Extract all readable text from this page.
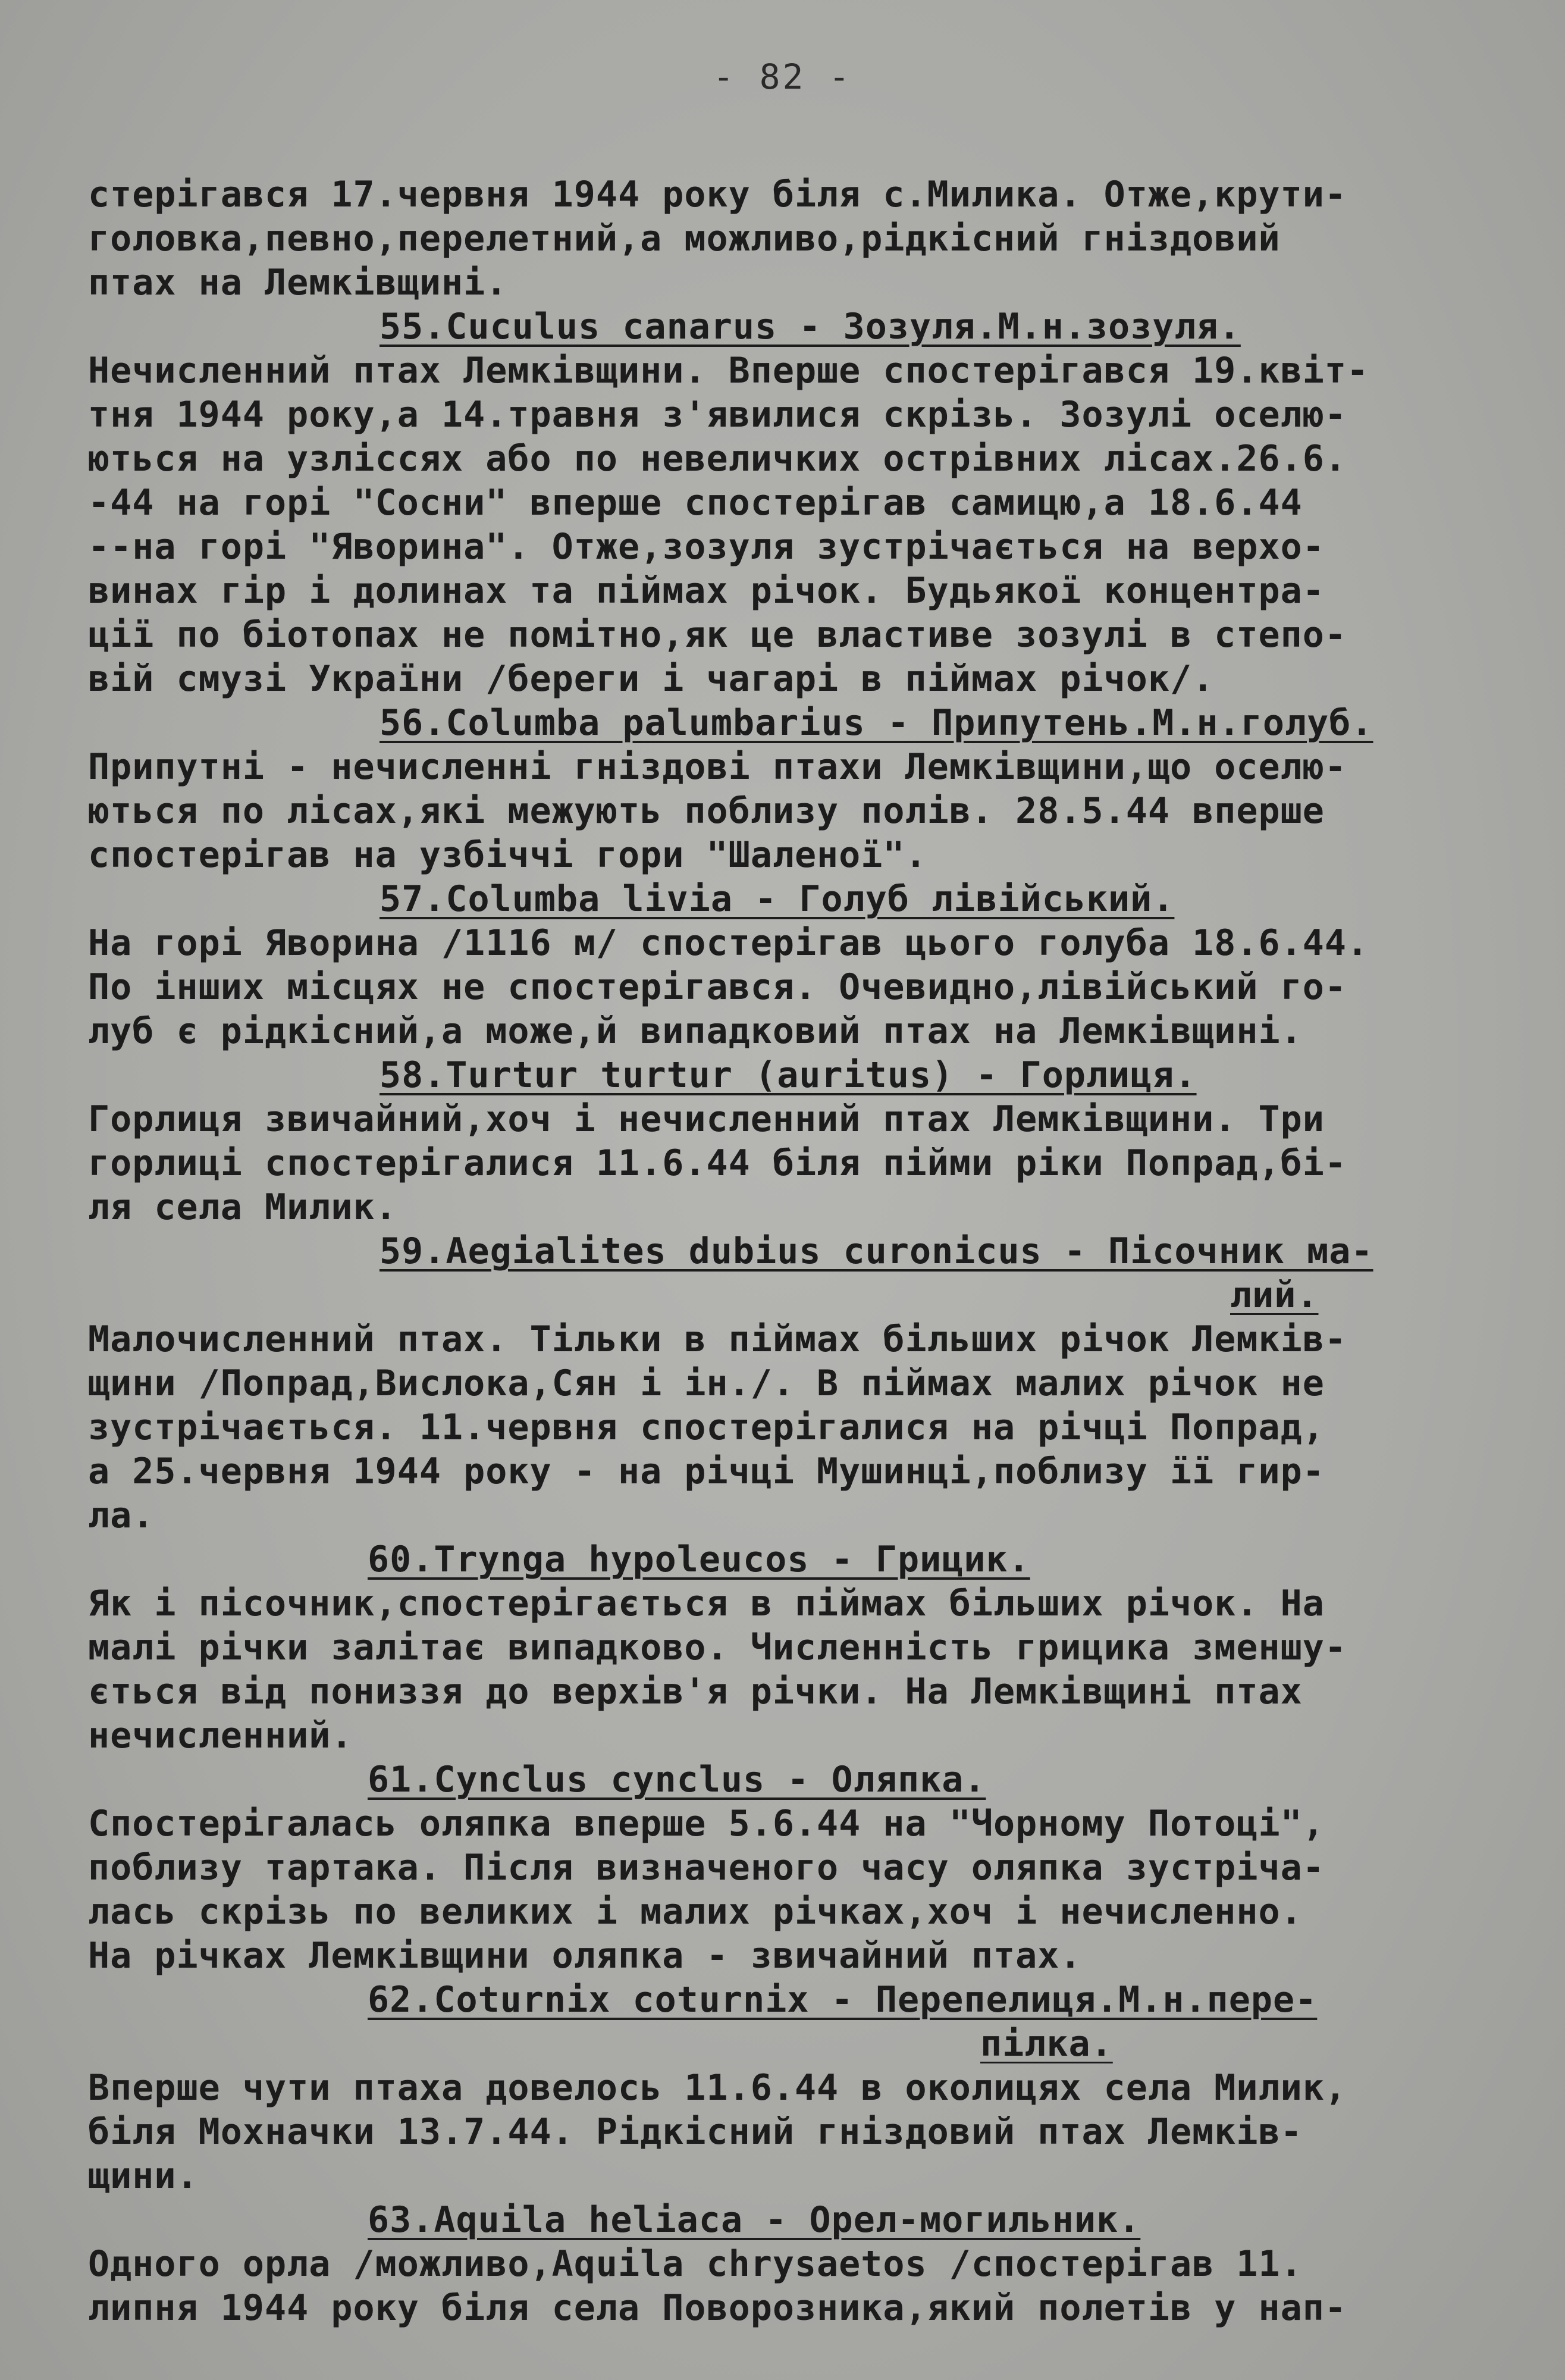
- 82 -
стерігався 17.червня 1944 року біля с.Милика. Отже,крути-
головка,певно,перелетний,а можливо,рідкісний гніздовий
птах на Лемківщині.
55.Cuculus canarus - Зозуля.М.н.зозуля.
Нечисленний птах Лемківщини. Вперше спостерігався 19.квіт-
тня 1944 року,а 14.травня з'явилися скрізь. Зозулі оселю-
ються на узліссях або по невеличких острівних лісах.26.6.
-44 на горі "Сосни" вперше спостерігав самицю,а 18.6.44
--на горі "Яворина". Отже,зозуля зустрічається на верхо-
винах гір і долинах та піймах річок. Будьякої концентра-
ції по біотопах не помітно,як це властиве зозулі в степо-
вій смузі України /береги і чагарі в піймах річок/.
56.Columba palumbarius - Припутень.М.н.голуб.
Припутні - нечисленні гніздові птахи Лемківщини,що оселю-
ються по лісах,які межують поблизу полів. 28.5.44 вперше
спостерігав на узбіччі гори "Шаленої".
57.Columba livia - Голуб лівійський.
На горі Яворина /1116 м/ спостерігав цього голуба 18.6.44.
По інших місцях не спостерігався. Очевидно,лівійський го-
луб є рідкісний,а може,й випадковий птах на Лемківщині.
58.Turtur turtur (auritus) - Горлиця.
Горлиця звичайний,хоч і нечисленний птах Лемківщини. Три
горлиці спостерігалися 11.6.44 біля пійми ріки Попрад,бі-
ля села Милик.
59.Aegialites dubius curonicus - Пісочник ма-
лий.
Малочисленний птах. Тільки в піймах більших річок Лемків-
щини /Попрад,Вислока,Сян і ін./. В піймах малих річок не
зустрічається. 11.червня спостерігалися на річці Попрад,
а 25.червня 1944 року - на річці Мушинці,поблизу її гир-
ла.
60.Trynga hypoleucos - Грицик.
Як і пісочник,спостерігається в піймах більших річок. На
малі річки залітає випадково. Численність грицика зменшу-
ється від пониззя до верхів'я річки. На Лемківщині птах
нечисленний.
61.Cynclus cynclus - Оляпка.
Спостерігалась оляпка вперше 5.6.44 на "Чорному Потоці",
поблизу тартака. Після визначеного часу оляпка зустріча-
лась скрізь по великих і малих річках,хоч і нечисленно.
На річках Лемківщини оляпка - звичайний птах.
62.Coturnix coturnix - Перепелиця.М.н.пере-
пілка.
Вперше чути птаха довелось 11.6.44 в околицях села Милик,
біля Мохначки 13.7.44. Рідкісний гніздовий птах Лемків-
щини.
63.Aquila heliaca - Орел-могильник.
Одного орла /можливо,Aquila chrysaetos /спостерігав 11.
липня 1944 року біля села Поворозника,який полетів у нап-
